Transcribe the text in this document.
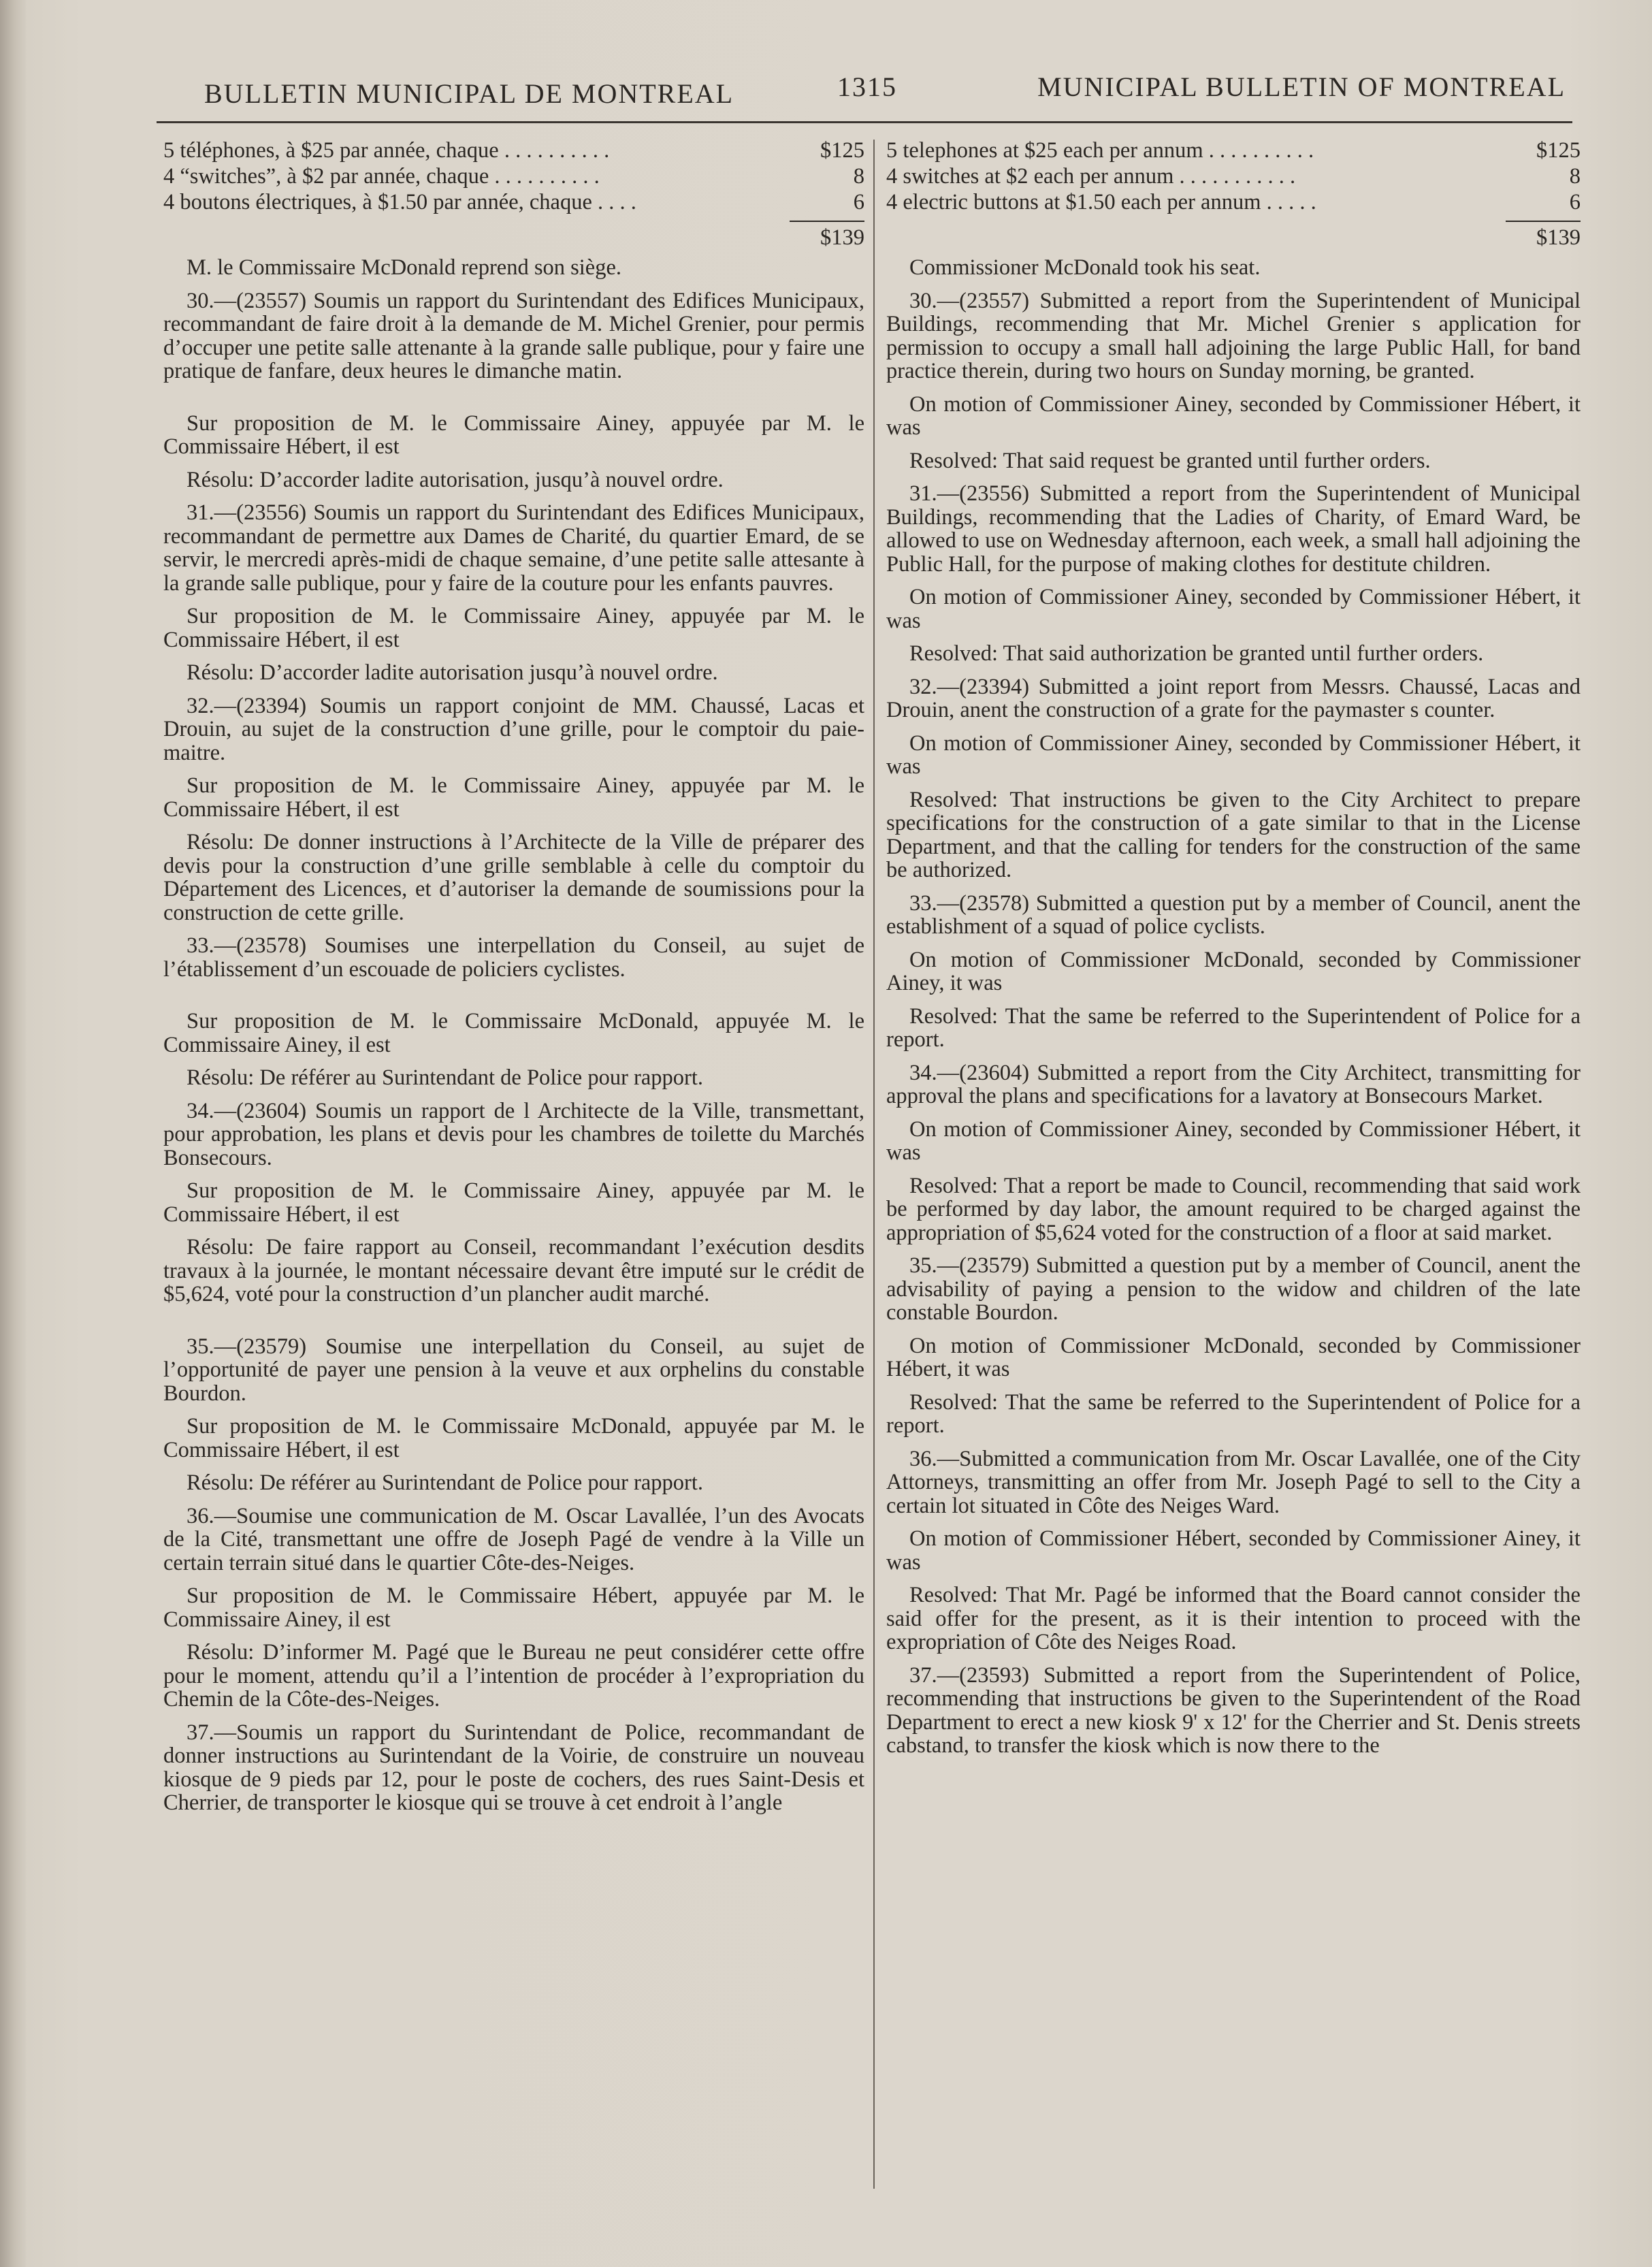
BULLETIN MUNICIPAL DE MONTREAL	1315	MUNICIPAL BULLETIN OF MONTREAL
5 téléphones, à $25 par année, chaque . . . . . . . . . .	$125
4 “switches”, à $2 par année, chaque . . . . . . . . . .	8
4 boutons électriques, à $1.50 par année, chaque . . . .	6
$139

M. le Commissaire McDonald reprend son siège.

30.—(23557) Soumis un rapport du Surintendant des Edifices Municipaux, recommandant de faire droit à la demande de M. Michel Grenier, pour permis d’occuper une petite salle attenante à la grande salle publique, pour y faire une pratique de fanfare, deux heures le dimanche matin.

Sur proposition de M. le Commissaire Ainey, appuyée par M. le Commissaire Hébert, il est

Résolu: D’accorder ladite autorisation, jusqu’à nouvel ordre.

31.—(23556) Soumis un rapport du Surintendant des Edifices Municipaux, recommandant de permettre aux Dames de Charité, du quartier Emard, de se servir, le mercredi après-midi de chaque semaine, d’une petite salle attesante à la grande salle publique, pour y faire de la couture pour les enfants pauvres.

Sur proposition de M. le Commissaire Ainey, appuyée par M. le Commissaire Hébert, il est

Résolu: D’accorder ladite autorisation jusqu’à nouvel ordre.

32.—(23394) Soumis un rapport conjoint de MM. Chaussé, Lacas et Drouin, au sujet de la construction d’une grille, pour le comptoir du paie-maitre.

Sur proposition de M. le Commissaire Ainey, appuyée par M. le Commissaire Hébert, il est

Résolu: De donner instructions à l’Architecte de la Ville de préparer des devis pour la construction d’une grille semblable à celle du comptoir du Département des Licences, et d’autoriser la demande de soumissions pour la construction de cette grille.

33.—(23578) Soumises une interpellation du Conseil, au sujet de l’établissement d’un escouade de policiers cyclistes.

Sur proposition de M. le Commissaire McDonald, appuyée M. le Commissaire Ainey, il est

Résolu: De référer au Surintendant de Police pour rapport.

34.—(23604) Soumis un rapport de l Architecte de la Ville, transmettant, pour approbation, les plans et devis pour les chambres de toilette du Marchés Bonsecours.

Sur proposition de M. le Commissaire Ainey, appuyée par M. le Commissaire Hébert, il est

Résolu: De faire rapport au Conseil, recommandant l’exécution desdits travaux à la journée, le montant nécessaire devant être imputé sur le crédit de $5,624, voté pour la construction d’un plancher audit marché.

35.—(23579) Soumise une interpellation du Conseil, au sujet de l’opportunité de payer une pension à la veuve et aux orphelins du constable Bourdon.

Sur proposition de M. le Commissaire McDonald, appuyée par M. le Commissaire Hébert, il est

Résolu: De référer au Surintendant de Police pour rapport.

36.—Soumise une communication de M. Oscar Lavallée, l’un des Avocats de la Cité, transmettant une offre de Joseph Pagé de vendre à la Ville un certain terrain situé dans le quartier Côte-des-Neiges.

Sur proposition de M. le Commissaire Hébert, appuyée par M. le Commissaire Ainey, il est

Résolu: D’informer M. Pagé que le Bureau ne peut considérer cette offre pour le moment, attendu qu’il a l’intention de procéder à l’expropriation du Chemin de la Côte-des-Neiges.

37.—Soumis un rapport du Surintendant de Police, recommandant de donner instructions au Surintendant de la Voirie, de construire un nouveau kiosque de 9 pieds par 12, pour le poste de cochers, des rues Saint-Desis et Cherrier, de transporter le kiosque qui se trouve à cet endroit à l’angle

5 telephones at $25 each per annum . . . . . . . . . .	$125
4 switches at $2 each per annum . . . . . . . . . . .	8
4 electric buttons at $1.50 each per annum . . . . .	6
$139

Commissioner McDonald took his seat.

30.—(23557) Submitted a report from the Superintendent of Municipal Buildings, recommending that Mr. Michel Grenier s application for permission to occupy a small hall adjoining the large Public Hall, for band practice therein, during two hours on Sunday morning, be granted.

On motion of Commissioner Ainey, seconded by Commissioner Hébert, it was

Resolved: That said request be granted until further orders.

31.—(23556) Submitted a report from the Superintendent of Municipal Buildings, recommending that the Ladies of Charity, of Emard Ward, be allowed to use on Wednesday afternoon, each week, a small hall adjoining the Public Hall, for the purpose of making clothes for destitute children.

On motion of Commissioner Ainey, seconded by Commissioner Hébert, it was

Resolved: That said authorization be granted until further orders.

32.—(23394) Submitted a joint report from Messrs. Chaussé, Lacas and Drouin, anent the construction of a grate for the paymaster s counter.

On motion of Commissioner Ainey, seconded by Commissioner Hébert, it was

Resolved: That instructions be given to the City Architect to prepare specifications for the construction of a gate similar to that in the License Department, and that the calling for tenders for the construction of the same be authorized.

33.—(23578) Submitted a question put by a member of Council, anent the establishment of a squad of police cyclists.

On motion of Commissioner McDonald, seconded by Commissioner Ainey, it was

Resolved: That the same be referred to the Superintendent of Police for a report.

34.—(23604) Submitted a report from the City Architect, transmitting for approval the plans and specifications for a lavatory at Bonsecours Market.

On motion of Commissioner Ainey, seconded by Commissioner Hébert, it was

Resolved: That a report be made to Council, recommending that said work be performed by day labor, the amount required to be charged against the appropriation of $5,624 voted for the construction of a floor at said market.

35.—(23579) Submitted a question put by a member of Council, anent the advisability of paying a pension to the widow and children of the late constable Bourdon.

On motion of Commissioner McDonald, seconded by Commissioner Hébert, it was

Resolved: That the same be referred to the Superintendent of Police for a report.

36.—Submitted a communication from Mr. Oscar Lavallée, one of the City Attorneys, transmitting an offer from Mr. Joseph Pagé to sell to the City a certain lot situated in Côte des Neiges Ward.

On motion of Commissioner Hébert, seconded by Commissioner Ainey, it was

Resolved: That Mr. Pagé be informed that the Board cannot consider the said offer for the present, as it is their intention to proceed with the expropriation of Côte des Neiges Road.

37.—(23593) Submitted a report from the Superintendent of Police, recommending that instructions be given to the Superintendent of the Road Department to erect a new kiosk 9' x 12' for the Cherrier and St. Denis streets cabstand, to transfer the kiosk which is now there to the
